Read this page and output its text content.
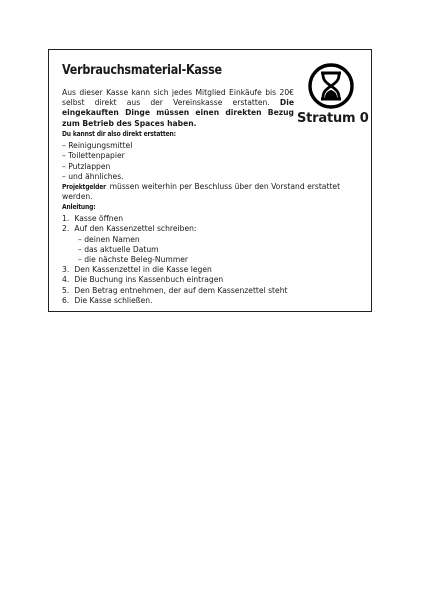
Verbrauchsmaterial-Kasse
Aus dieser Kasse kann sich jedes Mitglied Einkäufe bis 20€ selbst direkt aus der Vereinskasse erstatten. Die eingekauften Dinge müssen einen direkten Bezug zum Betrieb des Spaces haben.	Stratum 0
Du kannst dir also direkt erstatten:
– Reinigungsmittel
– Toilettenpapier
– Putzlappen
– und ähnliches.
Projektgelder müssen weiterhin per Beschluss über den Vorstand erstattet werden.
Anleitung:
1. Kasse öffnen
2. Auf den Kassenzettel schreiben:
– deinen Namen
– das aktuelle Datum
– die nächste Beleg-Nummer
3. Den Kassenzettel in die Kasse legen
4. Die Buchung ins Kassenbuch eintragen
5. Den Betrag entnehmen, der auf dem Kassenzettel steht
6. Die Kasse schließen.
